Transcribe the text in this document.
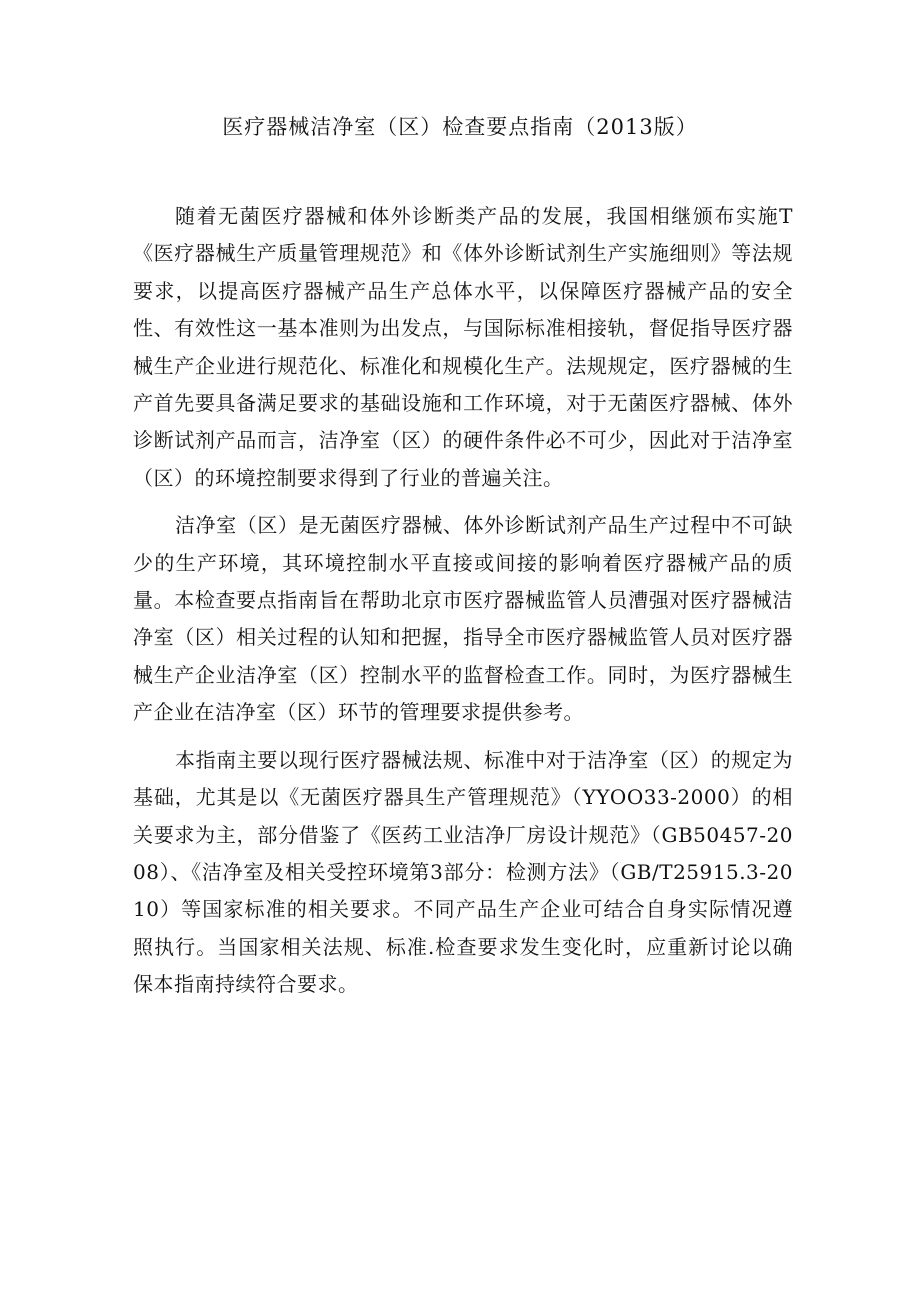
医疗器械洁净室（区）检查要点指南（2013版）

随着无菌医疗器械和体外诊断类产品的发展，我国相继颁布实施T《医疗器械生产质量管理规范》和《体外诊断试剂生产实施细则》等法规要求，以提高医疗器械产品生产总体水平，以保障医疗器械产品的安全性、有效性这一基本准则为出发点，与国际标准相接轨，督促指导医疗器械生产企业进行规范化、标准化和规模化生产。法规规定，医疗器械的生产首先要具备满足要求的基础设施和工作环境，对于无菌医疗器械、体外诊断试剂产品而言，洁净室（区）的硬件条件必不可少，因此对于洁净室（区）的环境控制要求得到了行业的普遍关注。

洁净室（区）是无菌医疗器械、体外诊断试剂产品生产过程中不可缺少的生产环境，其环境控制水平直接或间接的影响着医疗器械产品的质量。本检查要点指南旨在帮助北京市医疗器械监管人员漕强对医疗器械洁净室（区）相关过程的认知和把握，指导全市医疗器械监管人员对医疗器械生产企业洁净室（区）控制水平的监督检查工作。同时，为医疗器械生产企业在洁净室（区）环节的管理要求提供参考。

本指南主要以现行医疗器械法规、标准中对于洁净室（区）的规定为基础，尤其是以《无菌医疗器具生产管理规范》（YYOO33-2000）的相关要求为主，部分借鉴了《医药工业洁净厂房设计规范》（GB50457-2008）、《洁净室及相关受控环境第3部分：检测方法》（GB/T25915.3-2010）等国家标准的相关要求。不同产品生产企业可结合自身实际情况遵照执行。当国家相关法规、标准.检查要求发生变化时，应重新讨论以确保本指南持续符合要求。
